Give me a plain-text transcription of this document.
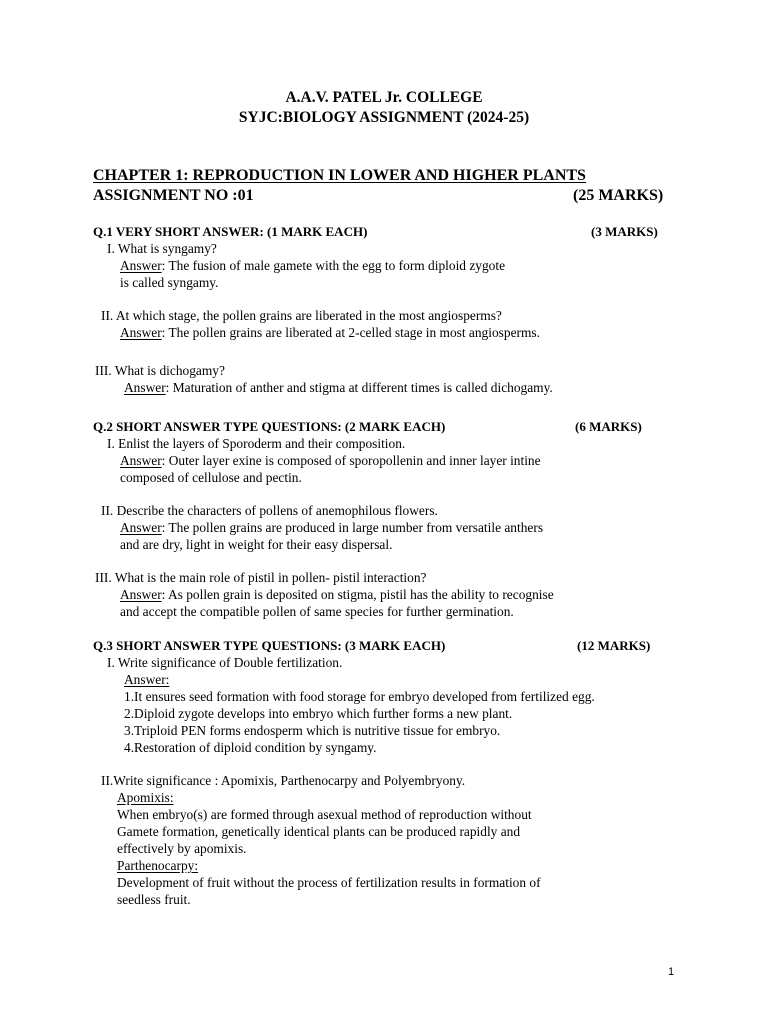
A.A.V. PATEL Jr. COLLEGE
SYJC:BIOLOGY ASSIGNMENT (2024-25)
CHAPTER 1: REPRODUCTION IN LOWER AND HIGHER PLANTS
ASSIGNMENT NO :01	(25 MARKS)
Q.1 VERY SHORT ANSWER: (1 MARK EACH)	(3 MARKS)
I. What is syngamy?
Answer: The fusion of male gamete with the egg to form diploid zygote
is called syngamy.
II. At which stage, the pollen grains are liberated in the most angiosperms?
Answer: The pollen grains are liberated at 2-celled stage in most angiosperms.
III. What is dichogamy?
Answer: Maturation of anther and stigma at different times is called dichogamy.
Q.2 SHORT ANSWER TYPE QUESTIONS: (2 MARK EACH)	(6 MARKS)
I. Enlist the layers of Sporoderm and their composition.
Answer: Outer layer exine is composed of sporopollenin and inner layer intine
composed of cellulose and pectin.
II. Describe the characters of pollens of anemophilous flowers.
Answer: The pollen grains are produced in large number from versatile anthers
and are dry, light in weight for their easy dispersal.
III. What is the main role of pistil in pollen- pistil interaction?
Answer: As pollen grain is deposited on stigma, pistil has the ability to recognise
and accept the compatible pollen of same species for further germination.
Q.3 SHORT ANSWER TYPE QUESTIONS: (3 MARK EACH)	(12 MARKS)
I. Write significance of Double fertilization.
Answer:
1.It ensures seed formation with food storage for embryo developed from fertilized egg.
2.Diploid zygote develops into embryo which further forms a new plant.
3.Triploid PEN forms endosperm which is nutritive tissue for embryo.
4.Restoration of diploid condition by syngamy.
II.Write significance : Apomixis, Parthenocarpy and Polyembryony.
Apomixis:
When embryo(s) are formed through asexual method of reproduction without
Gamete formation, genetically identical plants can be produced rapidly and
effectively by apomixis.
Parthenocarpy:
Development of fruit without the process of fertilization results in formation of
seedless fruit.
1
